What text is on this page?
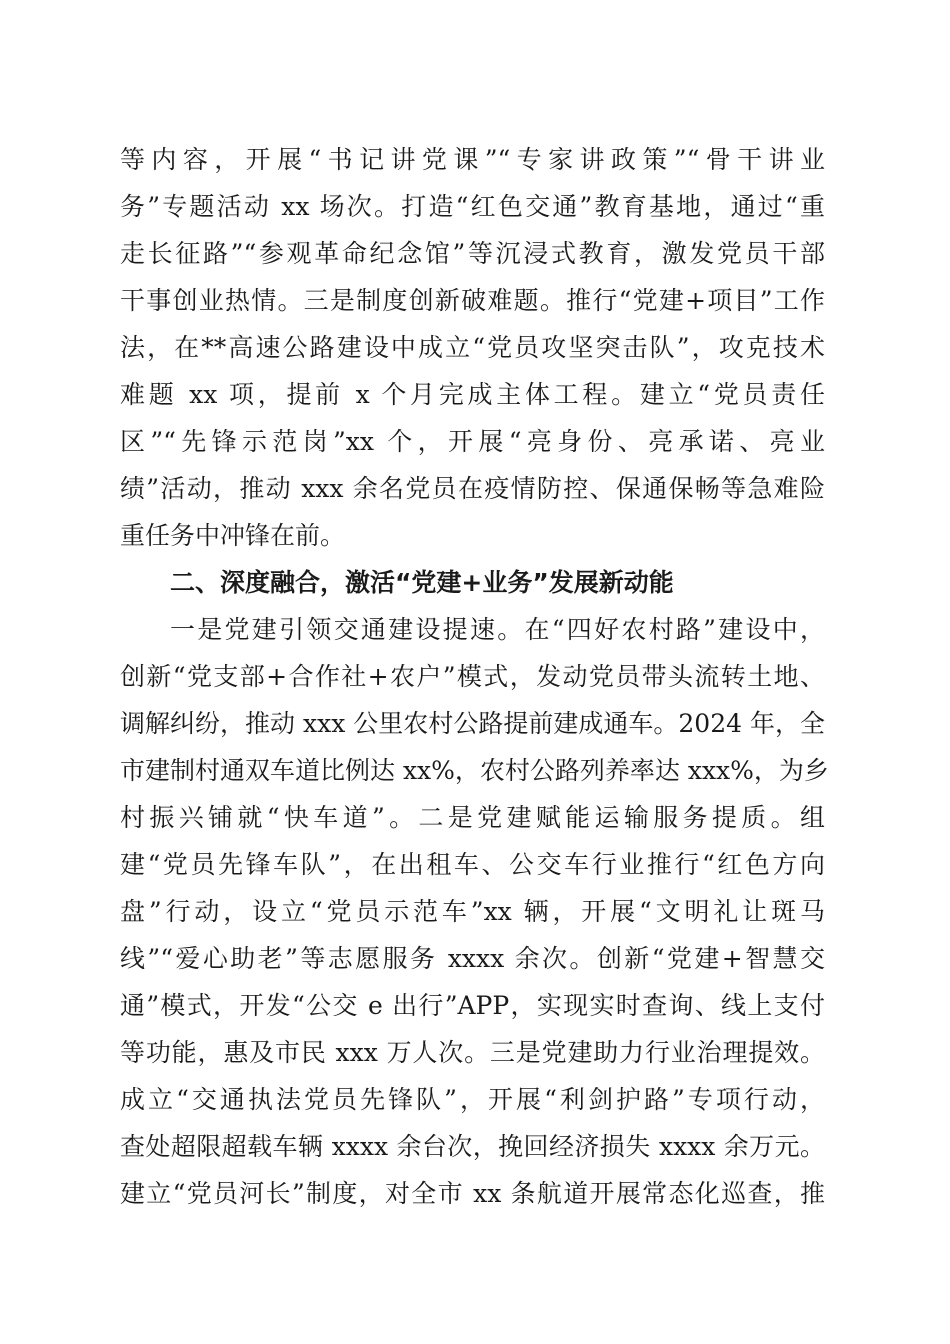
等内容，开展“书记讲党课”“专家讲政策”“骨干讲业
务”专题活动 xx 场次。打造“红色交通”教育基地，通过“重
走长征路”“参观革命纪念馆”等沉浸式教育，激发党员干部
干事创业热情。三是制度创新破难题。推行“党建+项目”工作
法，在**高速公路建设中成立“党员攻坚突击队”，攻克技术
难题 xx 项，提前 x 个月完成主体工程。建立“党员责任
区”“先锋示范岗”xx 个，开展“亮身份、亮承诺、亮业
绩”活动，推动 xxx 余名党员在疫情防控、保通保畅等急难险
重任务中冲锋在前。
二、深度融合，激活“党建+业务”发展新动能
一是党建引领交通建设提速。在“四好农村路”建设中，
创新“党支部+合作社+农户”模式，发动党员带头流转土地、
调解纠纷，推动 xxx 公里农村公路提前建成通车。2024 年，全
市建制村通双车道比例达 xx%，农村公路列养率达 xxx%，为乡
村振兴铺就“快车道”。二是党建赋能运输服务提质。组
建“党员先锋车队”，在出租车、公交车行业推行“红色方向
盘”行动，设立“党员示范车”xx 辆，开展“文明礼让斑马
线”“爱心助老”等志愿服务 xxxx 余次。创新“党建+智慧交
通”模式，开发“公交 e 出行”APP，实现实时查询、线上支付
等功能，惠及市民 xxx 万人次。三是党建助力行业治理提效。
成立“交通执法党员先锋队”，开展“利剑护路”专项行动，
查处超限超载车辆 xxxx 余台次，挽回经济损失 xxxx 余万元。
建立“党员河长”制度，对全市 xx 条航道开展常态化巡查，推
